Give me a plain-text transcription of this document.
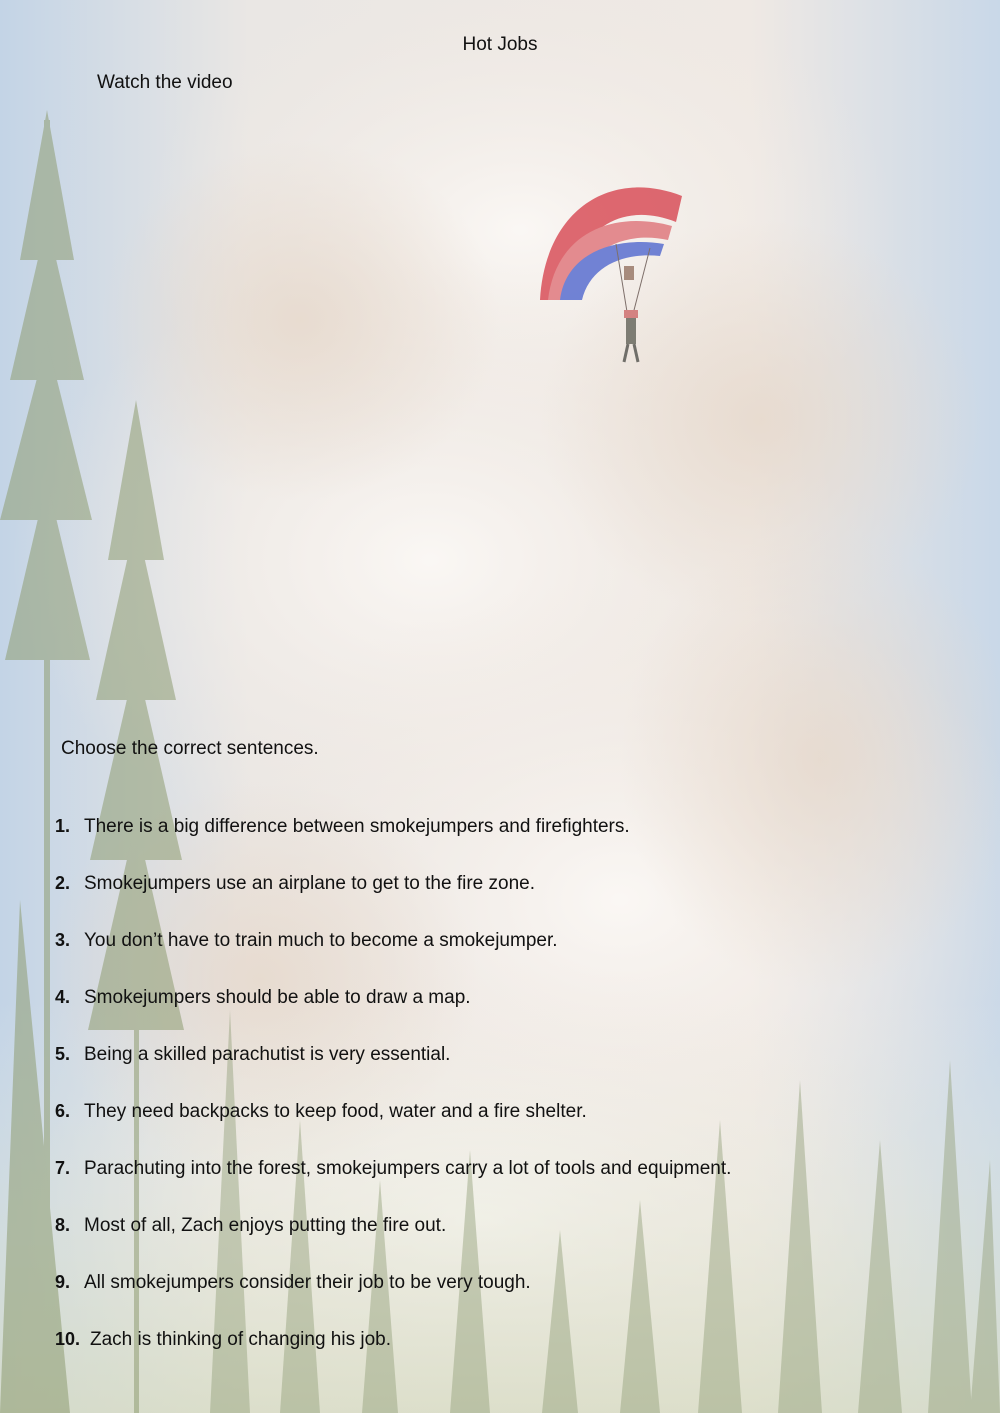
Hot Jobs
Watch the video
Choose the correct sentences.
1. There is a big difference between smokejumpers and firefighters.
2. Smokejumpers use an airplane to get to the fire zone.
3. You don’t have to train much to become a smokejumper.
4. Smokejumpers should be able to draw a map.
5. Being a skilled parachutist is very essential.
6. They need backpacks to keep food, water and a fire shelter.
7. Parachuting into the forest, smokejumpers carry a lot of tools and equipment.
8. Most of all, Zach enjoys putting the fire out.
9. All smokejumpers consider their job to be very tough.
10. Zach is thinking of changing his job.
